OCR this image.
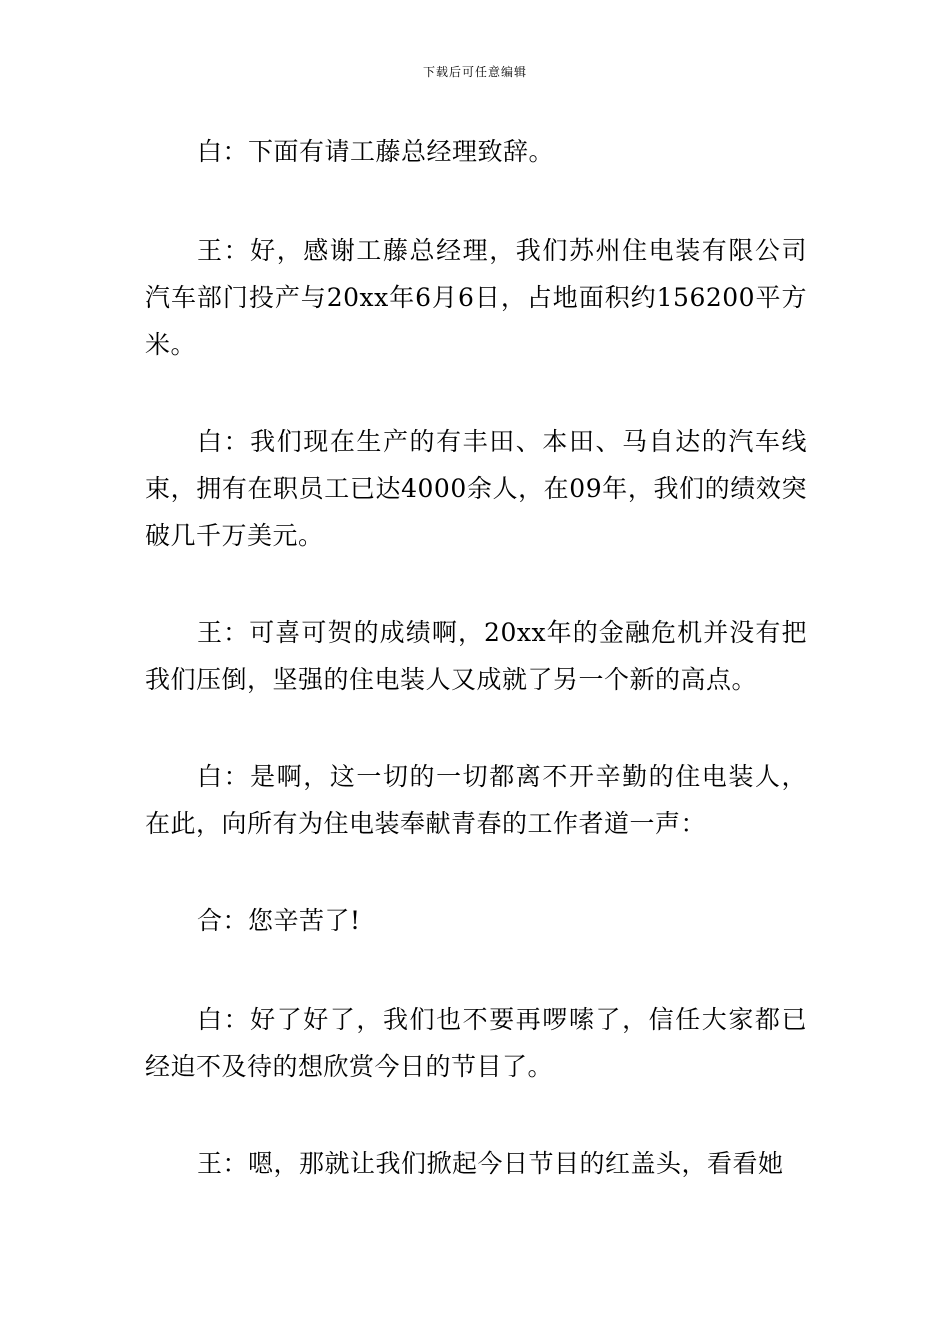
下载后可任意编辑

白：下面有请工藤总经理致辞。

王：好，感谢工藤总经理，我们苏州住电装有限公司汽车部门投产与20xx年6月6日，占地面积约156200平方米。

白：我们现在生产的有丰田、本田、马自达的汽车线束，拥有在职员工已达4000余人，在09年，我们的绩效突破几千万美元。

王：可喜可贺的成绩啊，20xx年的金融危机并没有把我们压倒，坚强的住电装人又成就了另一个新的高点。

白：是啊，这一切的一切都离不开辛勤的住电装人，在此，向所有为住电装奉献青春的工作者道一声：

合：您辛苦了!

白：好了好了，我们也不要再啰嗦了，信任大家都已经迫不及待的想欣赏今日的节目了。

王：嗯，那就让我们掀起今日节目的红盖头，看看她
